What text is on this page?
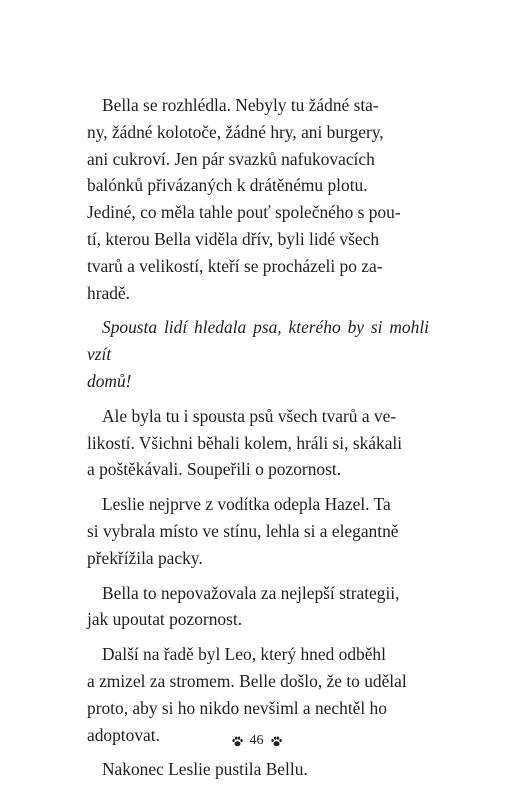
Bella se rozhlédla. Nebyly tu žádné sta-
ny, žádné kolotoče, žádné hry, ani burgery,
ani cukroví. Jen pár svazků nafukovacích
balónků přivázaných k drátěnému plotu.
Jediné, co měla tahle pouť společného s pou-
tí, kterou Bella viděla dřív, byli lidé všech
tvarů a velikostí, kteří se procházeli po za-
hradě.

Spousta lidí hledala psa, kterého by si mohli vzít
domů!

Ale byla tu i spousta psů všech tvarů a ve-
likostí. Všichni běhali kolem, hráli si, skákali
a poštěkávali. Soupeřili o pozornost.

Leslie nejprve z vodítka odepla Hazel. Ta
si vybrala místo ve stínu, lehla si a elegantně
překřížila packy.

Bella to nepovažovala za nejlepší strategii,
jak upoutat pozornost.

Další na řadě byl Leo, který hned odběhl
a zmizel za stromem. Belle došlo, že to udělal
proto, aby si ho nikdo nevšiml a nechtěl ho
adoptovat.

Nakonec Leslie pustila Bellu.

46
